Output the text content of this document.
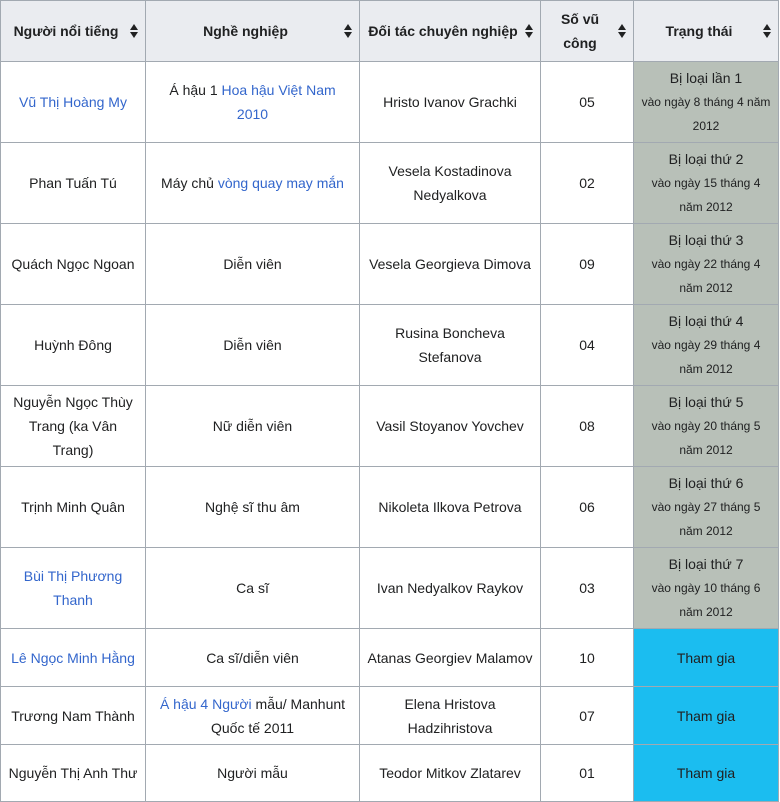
Người nổi tiếng	Nghề nghiệp	Đối tác chuyên nghiệp	Số vũ công	Trạng thái

Vũ Thị Hoàng My	Á hậu 1 Hoa hậu Việt Nam 2010	Hristo Ivanov Grachki	05	Bị loại lần 1
vào ngày 8 tháng 4 năm 2012

Phan Tuấn Tú	Máy chủ vòng quay may mắn	Vesela Kostadinova Nedyalkova	02	Bị loại thứ 2
vào ngày 15 tháng 4 năm 2012

Quách Ngọc Ngoan	Diễn viên	Vesela Georgieva Dimova	09	Bị loại thứ 3
vào ngày 22 tháng 4 năm 2012

Huỳnh Đông	Diễn viên	Rusina Boncheva Stefanova	04	Bị loại thứ 4
vào ngày 29 tháng 4 năm 2012

Nguyễn Ngọc Thùy Trang (ka Vân Trang)	Nữ diễn viên	Vasil Stoyanov Yovchev	08	Bị loại thứ 5
vào ngày 20 tháng 5 năm 2012

Trịnh Minh Quân	Nghệ sĩ thu âm	Nikoleta Ilkova Petrova	06	Bị loại thứ 6
vào ngày 27 tháng 5 năm 2012

Bùi Thị Phương Thanh	Ca sĩ	Ivan Nedyalkov Raykov	03	Bị loại thứ 7
vào ngày 10 tháng 6 năm 2012

Lê Ngọc Minh Hằng	Ca sĩ/diễn viên	Atanas Georgiev Malamov	10	Tham gia

Trương Nam Thành	Á hậu 4 Người mẫu/ Manhunt Quốc tế 2011	Elena Hristova Hadzihristova	07	Tham gia

Nguyễn Thị Anh Thư	Người mẫu	Teodor Mitkov Zlatarev	01	Tham gia
